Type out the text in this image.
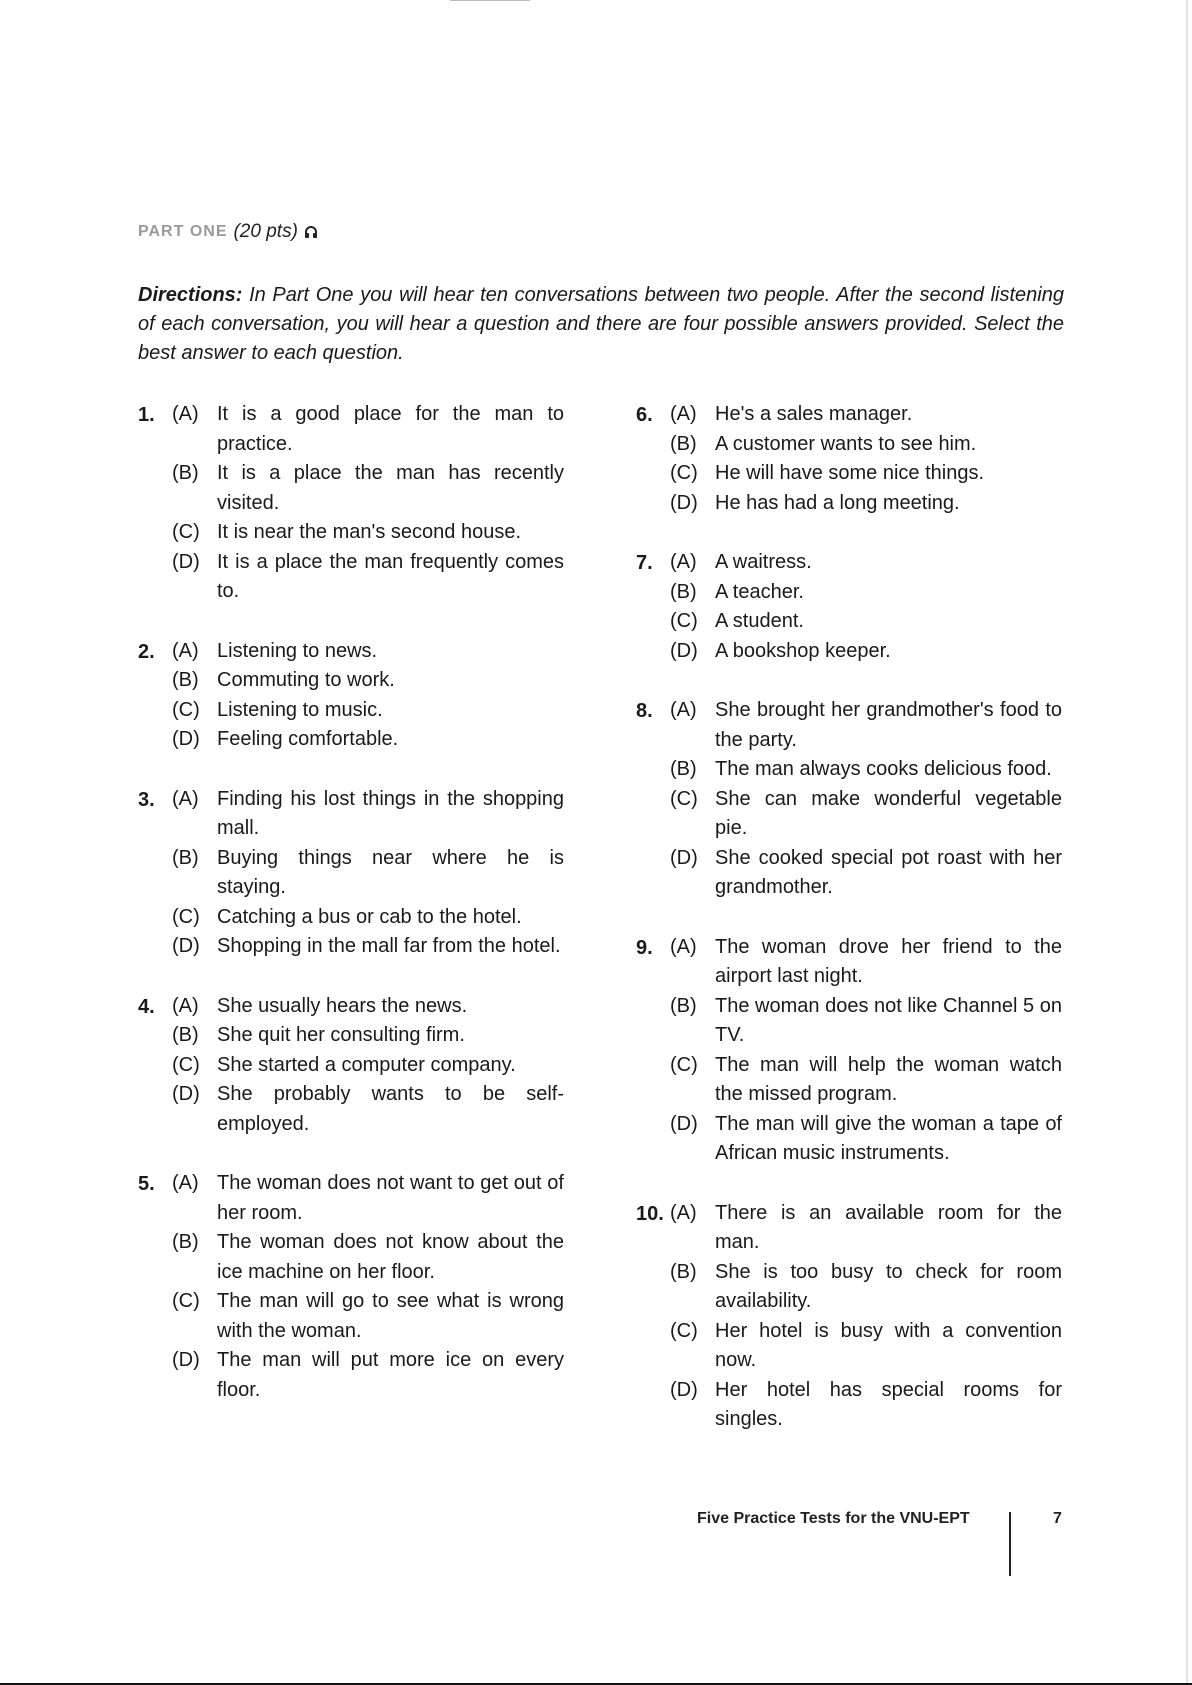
PART ONE (20 pts)
Directions: In Part One you will hear ten conversations between two people. After the second listening of each conversation, you will hear a question and there are four possible answers provided. Select the best answer to each question.
1. (A) It is a good place for the man to practice.
(B) It is a place the man has recently visited.
(C) It is near the man's second house.
(D) It is a place the man frequently comes to.
2. (A) Listening to news.
(B) Commuting to work.
(C) Listening to music.
(D) Feeling comfortable.
3. (A) Finding his lost things in the shopping mall.
(B) Buying things near where he is staying.
(C) Catching a bus or cab to the hotel.
(D) Shopping in the mall far from the hotel.
4. (A) She usually hears the news.
(B) She quit her consulting firm.
(C) She started a computer company.
(D) She probably wants to be self-employed.
5. (A) The woman does not want to get out of her room.
(B) The woman does not know about the ice machine on her floor.
(C) The man will go to see what is wrong with the woman.
(D) The man will put more ice on every floor.
6. (A) He's a sales manager.
(B) A customer wants to see him.
(C) He will have some nice things.
(D) He has had a long meeting.
7. (A) A waitress.
(B) A teacher.
(C) A student.
(D) A bookshop keeper.
8. (A) She brought her grandmother's food to the party.
(B) The man always cooks delicious food.
(C) She can make wonderful vegetable pie.
(D) She cooked special pot roast with her grandmother.
9. (A) The woman drove her friend to the airport last night.
(B) The woman does not like Channel 5 on TV.
(C) The man will help the woman watch the missed program.
(D) The man will give the woman a tape of African music instruments.
10. (A) There is an available room for the man.
(B) She is too busy to check for room availability.
(C) Her hotel is busy with a convention now.
(D) Her hotel has special rooms for singles.
Five Practice Tests for the VNU-EPT	7
